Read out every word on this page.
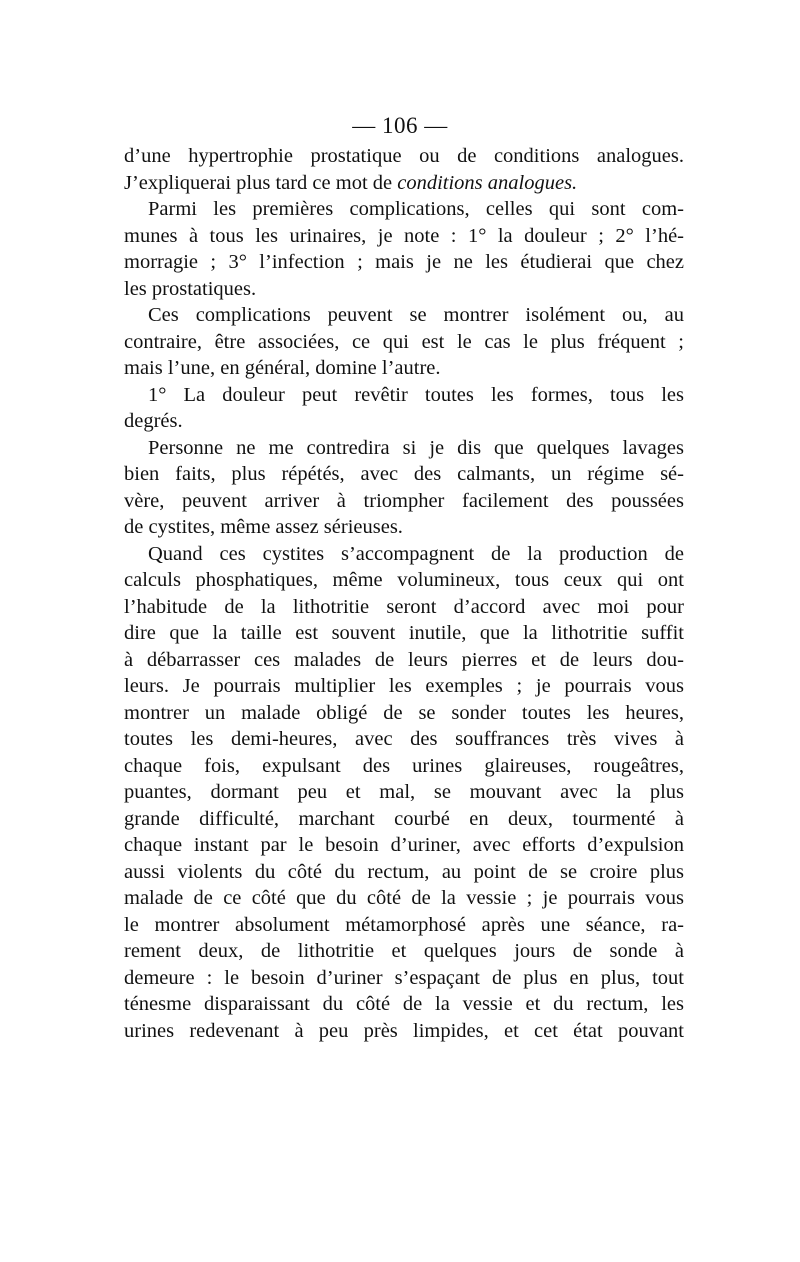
— 106 —
d’une hypertrophie prostatique ou de conditions analogues.
J’expliquerai plus tard ce mot de conditions analogues.
Parmi les premières complications, celles qui sont com-
munes à tous les urinaires, je note : 1° la douleur ; 2° l’hé-
morragie ; 3° l’infection ; mais je ne les étudierai que chez
les prostatiques.
Ces complications peuvent se montrer isolément ou, au
contraire, être associées, ce qui est le cas le plus fréquent ;
mais l’une, en général, domine l’autre.
1° La douleur peut revêtir toutes les formes, tous les
degrés.
Personne ne me contredira si je dis que quelques lavages
bien faits, plus répétés, avec des calmants, un régime sé-
vère, peuvent arriver à triompher facilement des poussées
de cystites, même assez sérieuses.
Quand ces cystites s’accompagnent de la production de
calculs phosphatiques, même volumineux, tous ceux qui ont
l’habitude de la lithotritie seront d’accord avec moi pour
dire que la taille est souvent inutile, que la lithotritie suffit
à débarrasser ces malades de leurs pierres et de leurs dou-
leurs. Je pourrais multiplier les exemples ; je pourrais vous
montrer un malade obligé de se sonder toutes les heures,
toutes les demi-heures, avec des souffrances très vives à
chaque fois, expulsant des urines glaireuses, rougeâtres,
puantes, dormant peu et mal, se mouvant avec la plus
grande difficulté, marchant courbé en deux, tourmenté à
chaque instant par le besoin d’uriner, avec efforts d’expulsion
aussi violents du côté du rectum, au point de se croire plus
malade de ce côté que du côté de la vessie ; je pourrais vous
le montrer absolument métamorphosé après une séance, ra-
rement deux, de lithotritie et quelques jours de sonde à
demeure : le besoin d’uriner s’espaçant de plus en plus, tout
ténesme disparaissant du côté de la vessie et du rectum, les
urines redevenant à peu près limpides, et cet état pouvant
